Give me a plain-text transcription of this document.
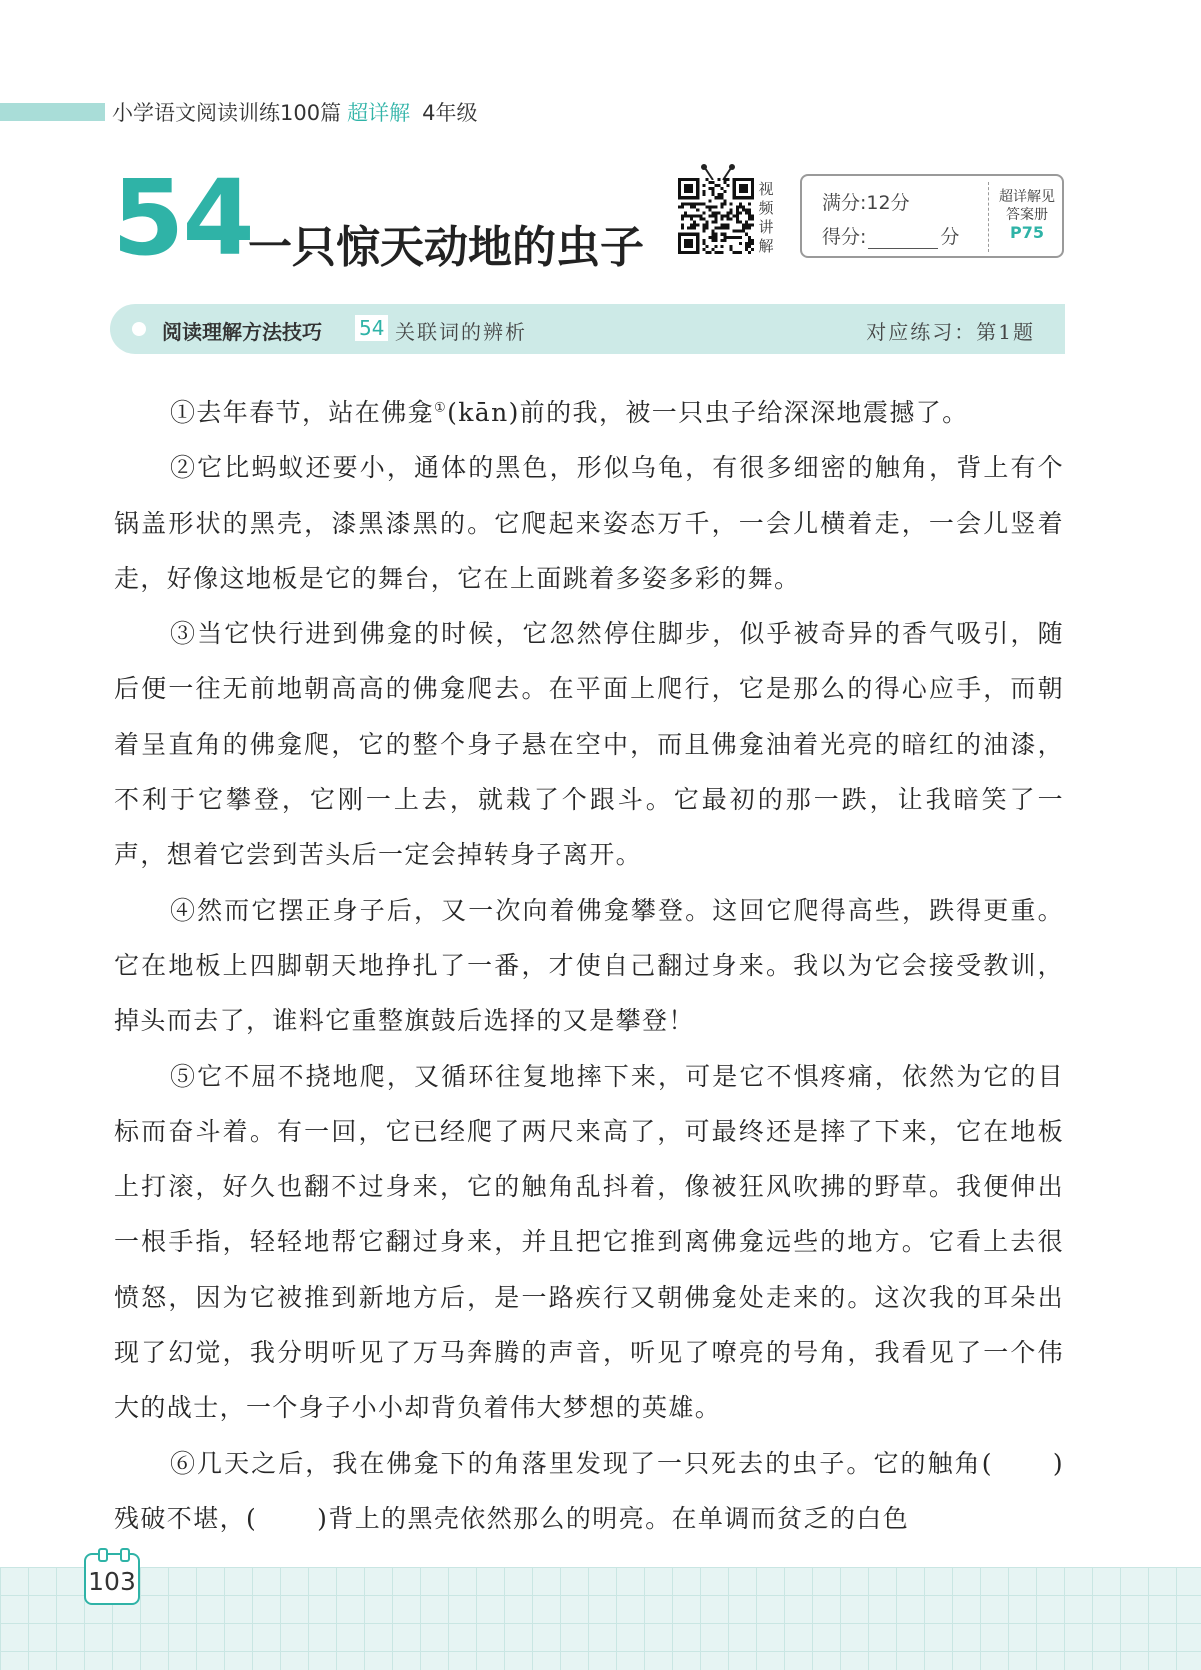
小学语文阅读训练100篇 超详解 4年级
54
一只惊天动地的虫子
视
频
讲
解
满分:12分
得分:	分
超详解见
答案册
P75
阅读理解方法技巧 54 关联词的辨析	对应练习：第1题

①去年春节，站在佛龛①(kān)前的我，被一只虫子给深深地震撼了。

②它比蚂蚁还要小，通体的黑色，形似乌龟，有很多细密的触角，背上有个锅盖形状的黑壳，漆黑漆黑的。它爬起来姿态万千，一会儿横着走，一会儿竖着走，好像这地板是它的舞台，它在上面跳着多姿多彩的舞。

③当它快行进到佛龛的时候，它忽然停住脚步，似乎被奇异的香气吸引，随后便一往无前地朝高高的佛龛爬去。在平面上爬行，它是那么的得心应手，而朝着呈直角的佛龛爬，它的整个身子悬在空中，而且佛龛油着光亮的暗红的油漆，不利于它攀登，它刚一上去，就栽了个跟斗。它最初的那一跌，让我暗笑了一声，想着它尝到苦头后一定会掉转身子离开。

④然而它摆正身子后，又一次向着佛龛攀登。这回它爬得高些，跌得更重。它在地板上四脚朝天地挣扎了一番，才使自己翻过身来。我以为它会接受教训，掉头而去了，谁料它重整旗鼓后选择的又是攀登！

⑤它不屈不挠地爬，又循环往复地摔下来，可是它不惧疼痛，依然为它的目标而奋斗着。有一回，它已经爬了两尺来高了，可最终还是摔了下来，它在地板上打滚，好久也翻不过身来，它的触角乱抖着，像被狂风吹拂的野草。我便伸出一根手指，轻轻地帮它翻过身来，并且把它推到离佛龛远些的地方。它看上去很愤怒，因为它被推到新地方后，是一路疾行又朝佛龛处走来的。这次我的耳朵出现了幻觉，我分明听见了万马奔腾的声音，听见了嘹亮的号角，我看见了一个伟大的战士，一个身子小小却背负着伟大梦想的英雄。

⑥几天之后，我在佛龛下的角落里发现了一只死去的虫子。它的触角( )残破不堪，( )背上的黑壳依然那么的明亮。在单调而贫乏的白色

103
